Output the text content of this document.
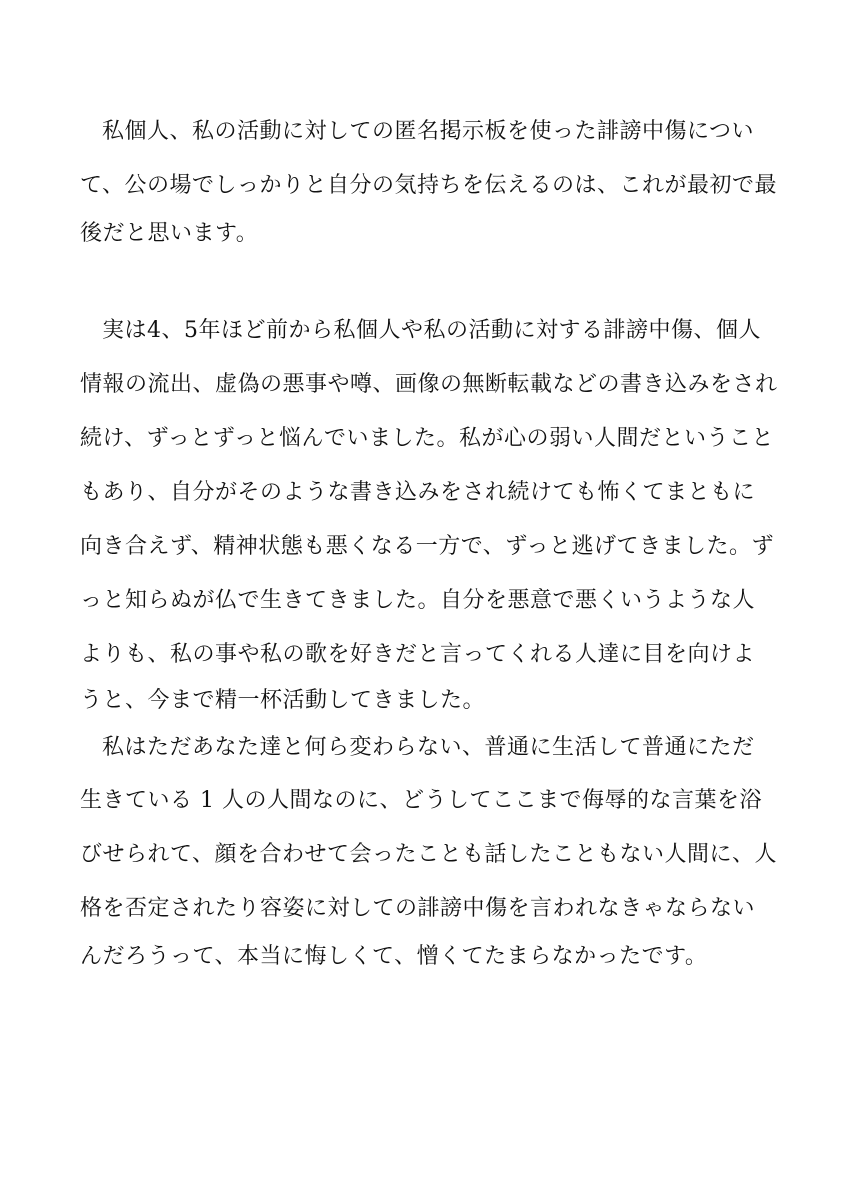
私個人、私の活動に対しての匿名掲示板を使った誹謗中傷につい
て、公の場でしっかりと自分の気持ちを伝えるのは、これが最初で最
後だと思います。
実は4、5年ほど前から私個人や私の活動に対する誹謗中傷、個人
情報の流出、虚偽の悪事や噂、画像の無断転載などの書き込みをされ
続け、ずっとずっと悩んでいました。私が心の弱い人間だということ
もあり、自分がそのような書き込みをされ続けても怖くてまともに
向き合えず、精神状態も悪くなる一方で、ずっと逃げてきました。ず
っと知らぬが仏で生きてきました。自分を悪意で悪くいうような人
よりも、私の事や私の歌を好きだと言ってくれる人達に目を向けよ
うと、今まで精一杯活動してきました。
私はただあなた達と何ら変わらない、普通に生活して普通にただ
生きている 1 人の人間なのに、どうしてここまで侮辱的な言葉を浴
びせられて、顔を合わせて会ったことも話したこともない人間に、人
格を否定されたり容姿に対しての誹謗中傷を言われなきゃならない
んだろうって、本当に悔しくて、憎くてたまらなかったです。
